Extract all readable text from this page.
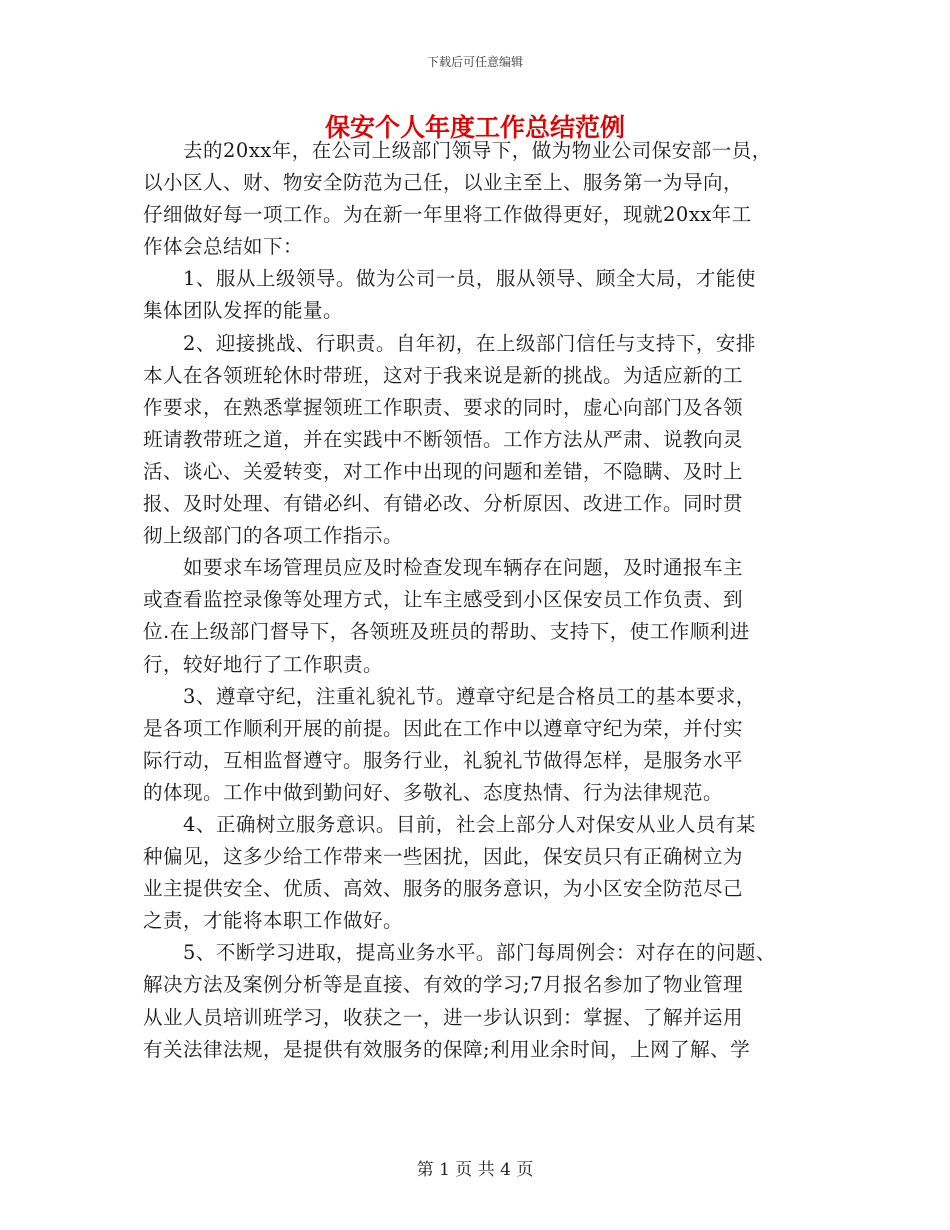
下载后可任意编辑
保安个人年度工作总结范例

　　去的20xx年，在公司上级部门领导下，做为物业公司保安部一员，

以小区人、财、物安全防范为己任，以业主至上、服务第一为导向，

仔细做好每一项工作。为在新一年里将工作做得更好，现就20xx年工

作体会总结如下：

　　1、服从上级领导。做为公司一员，服从领导、顾全大局，才能使

集体团队发挥的能量。

　　2、迎接挑战、行职责。自年初，在上级部门信任与支持下，安排

本人在各领班轮休时带班，这对于我来说是新的挑战。为适应新的工

作要求，在熟悉掌握领班工作职责、要求的同时，虚心向部门及各领

班请教带班之道，并在实践中不断领悟。工作方法从严肃、说教向灵

活、谈心、关爱转变，对工作中出现的问题和差错，不隐瞒、及时上

报、及时处理、有错必纠、有错必改、分析原因、改进工作。同时贯

彻上级部门的各项工作指示。

　　如要求车场管理员应及时检查发现车辆存在问题，及时通报车主

或查看监控录像等处理方式，让车主感受到小区保安员工作负责、到

位.在上级部门督导下，各领班及班员的帮助、支持下，使工作顺利进

行，较好地行了工作职责。

　　3、遵章守纪，注重礼貌礼节。遵章守纪是合格员工的基本要求，

是各项工作顺利开展的前提。因此在工作中以遵章守纪为荣，并付实

际行动，互相监督遵守。服务行业，礼貌礼节做得怎样，是服务水平

的体现。工作中做到勤问好、多敬礼、态度热情、行为法律规范。

　　4、正确树立服务意识。目前，社会上部分人对保安从业人员有某

种偏见，这多少给工作带来一些困扰，因此，保安员只有正确树立为

业主提供安全、优质、高效、服务的服务意识，为小区安全防范尽己

之责，才能将本职工作做好。

　　5、不断学习进取，提高业务水平。部门每周例会：对存在的问题、

解决方法及案例分析等是直接、有效的学习;7月报名参加了物业管理

从业人员培训班学习，收获之一，进一步认识到：掌握、了解并运用

有关法律法规，是提供有效服务的保障;利用业余时间，上网了解、学

第 1 页 共 4 页
